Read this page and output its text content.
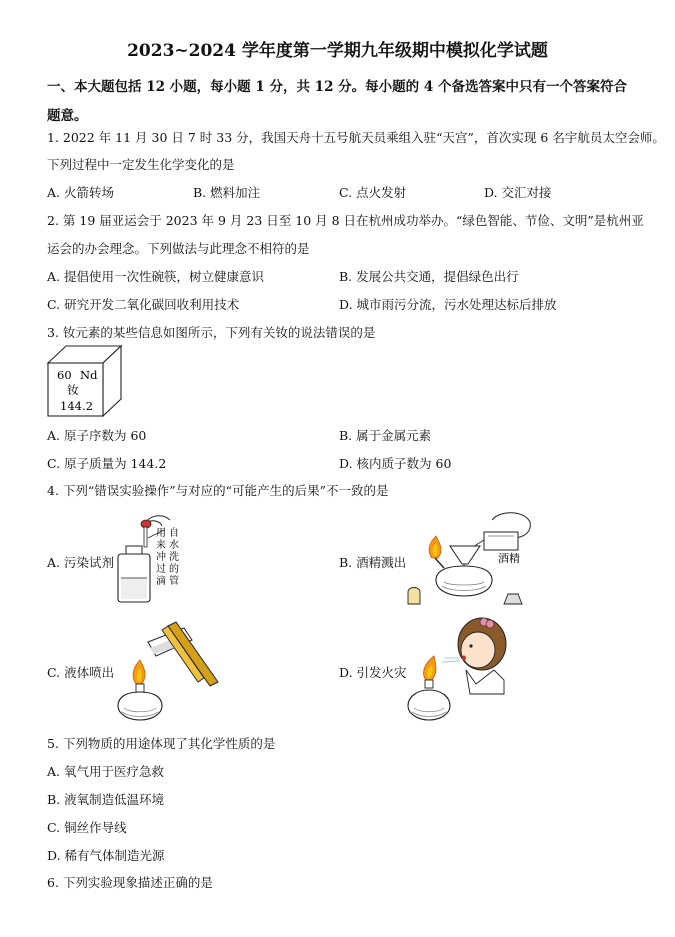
2023~2024 学年度第一学期九年级期中模拟化学试题
一、本大题包括 12 小题，每小题 1 分，共 12 分。每小题的 4 个备选答案中只有一个答案符合
题意。
1. 2022 年 11 月 30 日 7 时 33 分，我国天舟十五号航天员乘组入驻“天宫”，首次实现 6 名宇航员太空会师。
下列过程中一定发生化学变化的是
A. 火箭转场	B. 燃料加注	C. 点火发射	D. 交汇对接
2. 第 19 届亚运会于 2023 年 9 月 23 日至 10 月 8 日在杭州成功举办。“绿色智能、节俭、文明”是杭州亚
运会的办会理念。下列做法与此理念不相符的是
A. 提倡使用一次性碗筷，树立健康意识	B. 发展公共交通，提倡绿色出行
C. 研究开发二氧化碳回收利用技术	D. 城市雨污分流，污水处理达标后排放
3. 钕元素的某些信息如图所示，下列有关钕的说法错误的是
60 Nd
钕
144.2
A. 原子序数为 60	B. 属于金属元素
C. 原子质量为 144.2	D. 核内质子数为 60
4. 下列“错误实验操作”与对应的“可能产生的后果”不一致的是
A. 污染试剂	B. 酒精溅出
C. 液体喷出	D. 引发火灾
用 自
来 水
冲 洗
过 的
滴 管
酒精
5. 下列物质的用途体现了其化学性质的是
A. 氧气用于医疗急救
B. 液氧制造低温环境
C. 铜丝作导线
D. 稀有气体制造光源
6. 下列实验现象描述正确的是
